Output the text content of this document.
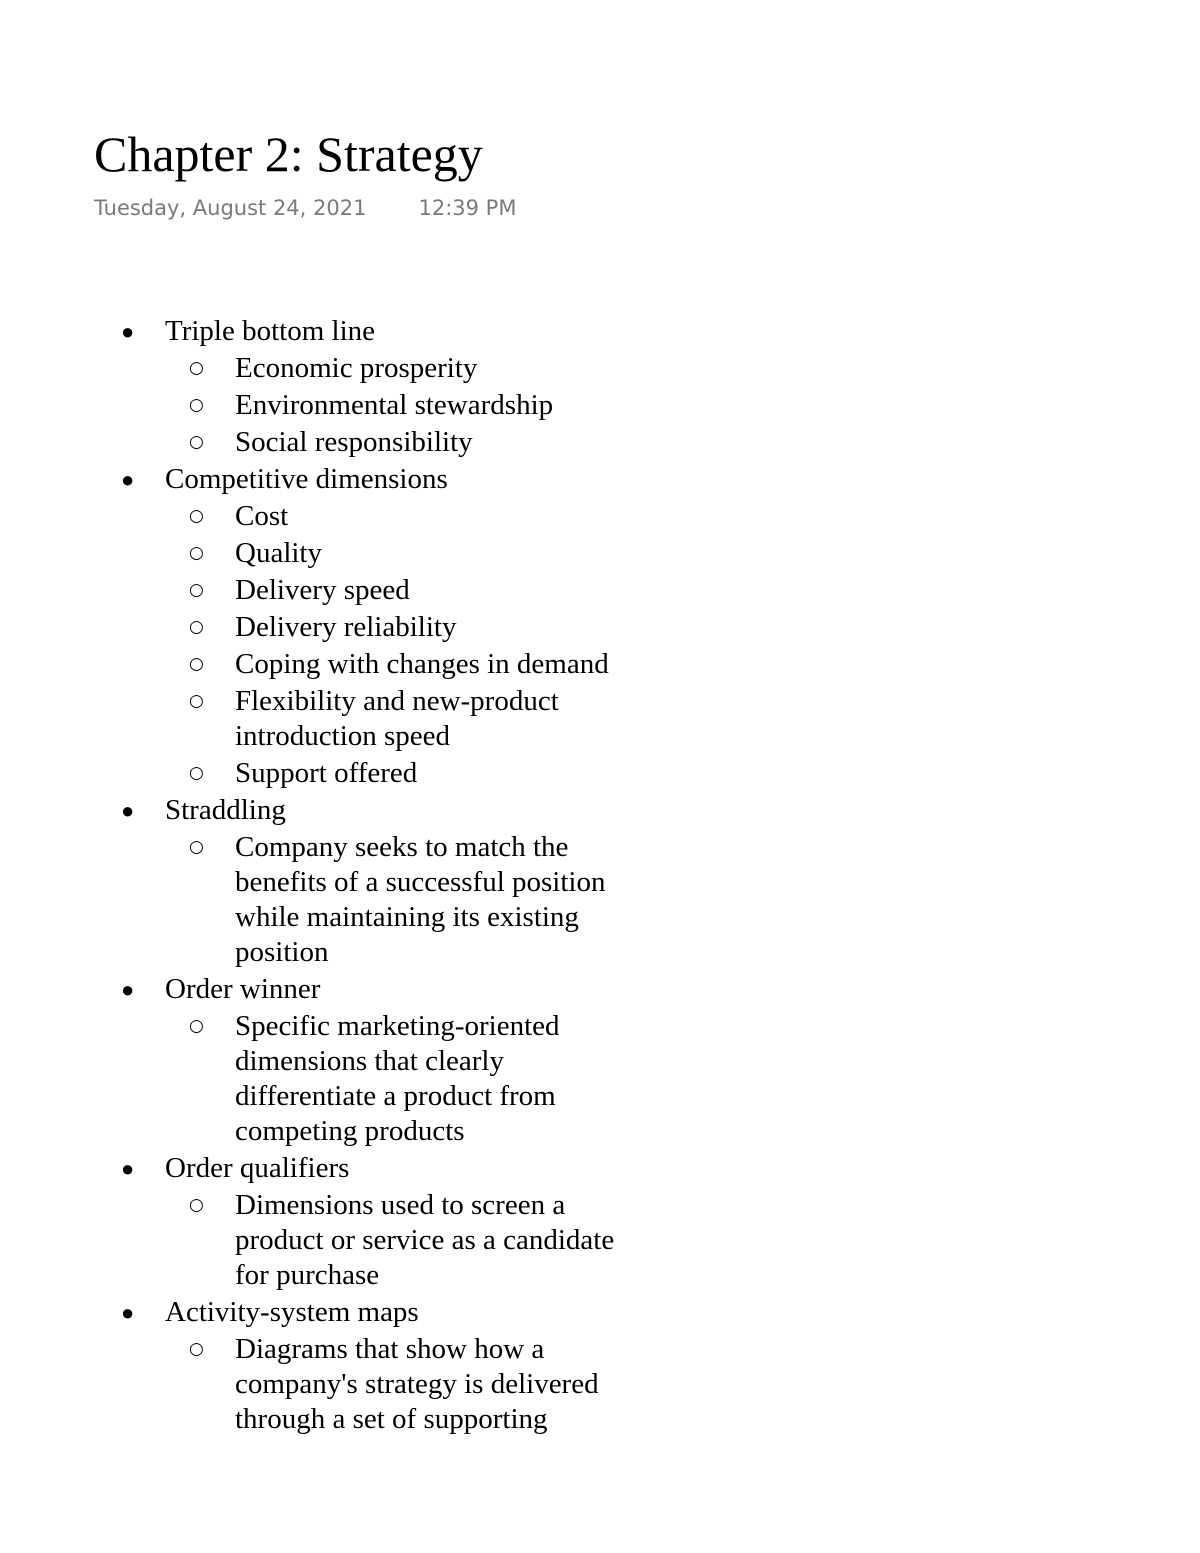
Chapter 2: Strategy
Tuesday, August 24, 2021 12:39 PM
● Triple bottom line
○ Economic prosperity
○ Environmental stewardship
○ Social responsibility
● Competitive dimensions
○ Cost
○ Quality
○ Delivery speed
○ Delivery reliability
○ Coping with changes in demand
○ Flexibility and new-product introduction speed
○ Support offered
● Straddling
○ Company seeks to match the benefits of a successful position while maintaining its existing position
● Order winner
○ Specific marketing-oriented dimensions that clearly differentiate a product from competing products
● Order qualifiers
○ Dimensions used to screen a product or service as a candidate for purchase
● Activity-system maps
○ Diagrams that show how a company's strategy is delivered through a set of supporting
